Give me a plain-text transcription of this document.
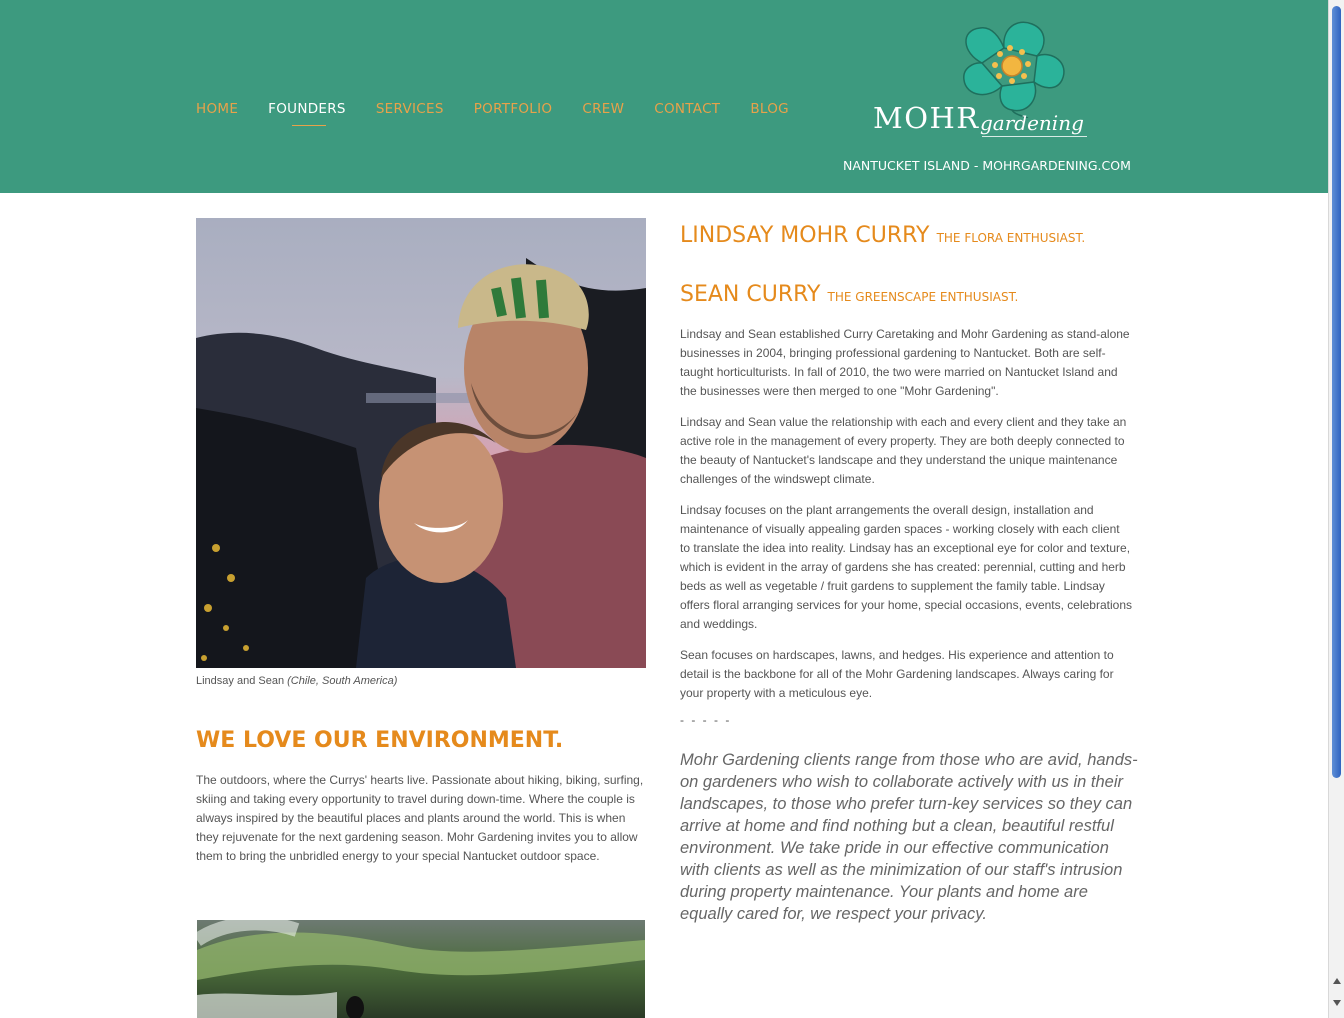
HOME FOUNDERS SERVICES PORTFOLIO CREW CONTACT BLOG	MOHR gardening
NANTUCKET ISLAND - MOHRGARDENING.COM
Lindsay and Sean (Chile, South America)
WE LOVE OUR ENVIRONMENT.

The outdoors, where the Currys' hearts live. Passionate about hiking, biking, surfing, skiing and taking every opportunity to travel during down-time. Where the couple is always inspired by the beautiful places and plants around the world. This is when they rejuvenate for the next gardening season. Mohr Gardening invites you to allow them to bring the unbridled energy to your special Nantucket outdoor space.

LINDSAY MOHR CURRY THE FLORA ENTHUSIAST.
SEAN CURRY THE GREENSCAPE ENTHUSIAST.

Lindsay and Sean established Curry Caretaking and Mohr Gardening as stand-alone businesses in 2004, bringing professional gardening to Nantucket. Both are self-taught horticulturists. In fall of 2010, the two were married on Nantucket Island and the businesses were then merged to one "Mohr Gardening".

Lindsay and Sean value the relationship with each and every client and they take an active role in the management of every property. They are both deeply connected to the beauty of Nantucket's landscape and they understand the unique maintenance challenges of the windswept climate.

Lindsay focuses on the plant arrangements the overall design, installation and maintenance of visually appealing garden spaces - working closely with each client to translate the idea into reality. Lindsay has an exceptional eye for color and texture, which is evident in the array of gardens she has created: perennial, cutting and herb beds as well as vegetable / fruit gardens to supplement the family table. Lindsay offers floral arranging services for your home, special occasions, events, celebrations and weddings.

Sean focuses on hardscapes, lawns, and hedges. His experience and attention to detail is the backbone for all of the Mohr Gardening landscapes. Always caring for your property with a meticulous eye.

- - - - -

Mohr Gardening clients range from those who are avid, hands-on gardeners who wish to collaborate actively with us in their landscapes, to those who prefer turn-key services so they can arrive at home and find nothing but a clean, beautiful restful environment. We take pride in our effective communication with clients as well as the minimization of our staff's intrusion during property maintenance. Your plants and home are equally cared for, we respect your privacy.
